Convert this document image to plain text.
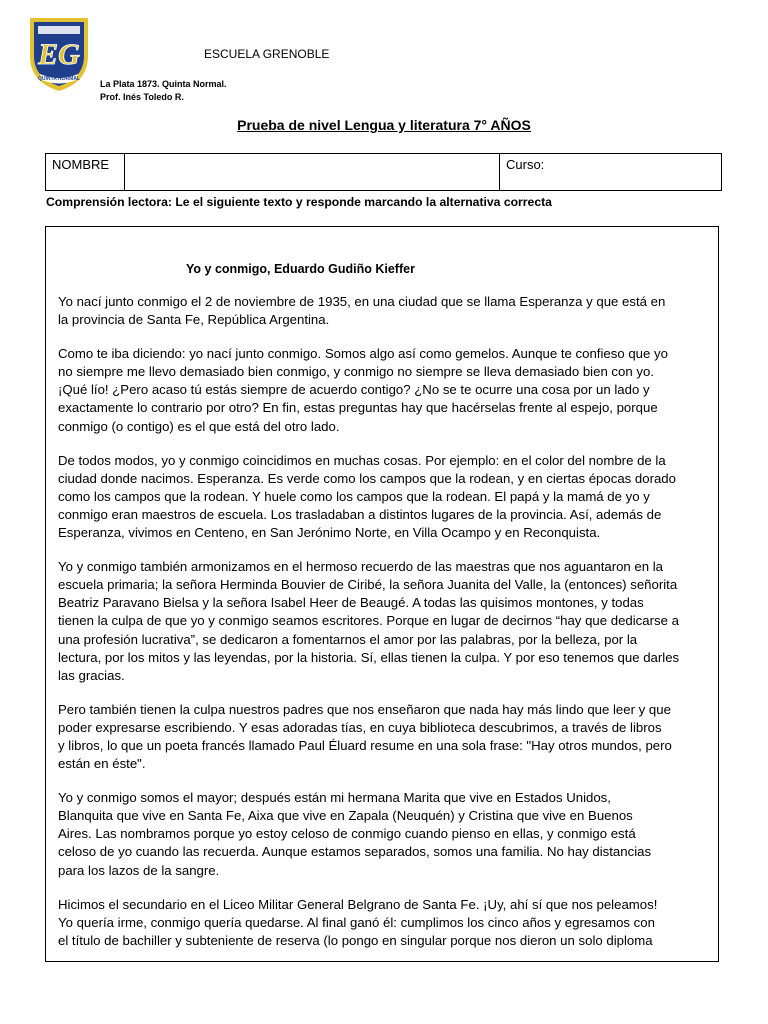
EG
QUINTA NORMAL
ESCUELA GRENOBLE
La Plata 1873. Quinta Normal.
Prof. Inés Toledo R.
Prueba de nivel Lengua y literatura 7° AÑOS
NOMBRE		Curso:
Comprensión lectora: Le el siguiente texto y responde marcando la alternativa correcta
Yo y conmigo, Eduardo Gudiño Kieffer

Yo nací junto conmigo el 2 de noviembre de 1935, en una ciudad que se llama Esperanza y que está en
la provincia de Santa Fe, República Argentina.

Como te iba diciendo: yo nací junto conmigo. Somos algo así como gemelos. Aunque te confieso que yo
no siempre me llevo demasiado bien conmigo, y conmigo no siempre se lleva demasiado bien con yo.
¡Qué lío! ¿Pero acaso tú estás siempre de acuerdo contigo? ¿No se te ocurre una cosa por un lado y
exactamente lo contrario por otro? En fin, estas preguntas hay que hacérselas frente al espejo, porque
conmigo (o contigo) es el que está del otro lado.

De todos modos, yo y conmigo coincidimos en muchas cosas. Por ejemplo: en el color del nombre de la
ciudad donde nacimos. Esperanza. Es verde como los campos que la rodean, y en ciertas épocas dorado
como los campos que la rodean. Y huele como los campos que la rodean. El papá y la mamá de yo y
conmigo eran maestros de escuela. Los trasladaban a distintos lugares de la provincia. Así, además de
Esperanza, vivimos en Centeno, en San Jerónimo Norte, en Villa Ocampo y en Reconquista.

Yo y conmigo también armonizamos en el hermoso recuerdo de las maestras que nos aguantaron en la
escuela primaria; la señora Herminda Bouvier de Ciribé, la señora Juanita del Valle, la (entonces) señorita
Beatriz Paravano Bielsa y la señora Isabel Heer de Beaugé. A todas las quisimos montones, y todas
tienen la culpa de que yo y conmigo seamos escritores. Porque en lugar de decirnos “hay que dedicarse a
una profesión lucrativa”, se dedicaron a fomentarnos el amor por las palabras, por la belleza, por la
lectura, por los mitos y las leyendas, por la historia. Sí, ellas tienen la culpa. Y por eso tenemos que darles
las gracias.

Pero también tienen la culpa nuestros padres que nos enseñaron que nada hay más lindo que leer y que
poder expresarse escribiendo. Y esas adoradas tías, en cuya biblioteca descubrimos, a través de libros
y libros, lo que un poeta francés llamado Paul Éluard resume en una sola frase: "Hay otros mundos, pero
están en éste".

Yo y conmigo somos el mayor; después están mi hermana Marita que vive en Estados Unidos,
Blanquita que vive en Santa Fe, Aixa que vive en Zapala (Neuquén) y Cristina que vive en Buenos
Aires. Las nombramos porque yo estoy celoso de conmigo cuando pienso en ellas, y conmigo está
celoso de yo cuando las recuerda. Aunque estamos separados, somos una familia. No hay distancias
para los lazos de la sangre.

Hicimos el secundario en el Liceo Militar General Belgrano de Santa Fe. ¡Uy, ahí sí que nos peleamos!
Yo quería irme, conmigo quería quedarse. Al final ganó él: cumplimos los cinco años y egresamos con
el título de bachiller y subteniente de reserva (lo pongo en singular porque nos dieron un solo diploma
